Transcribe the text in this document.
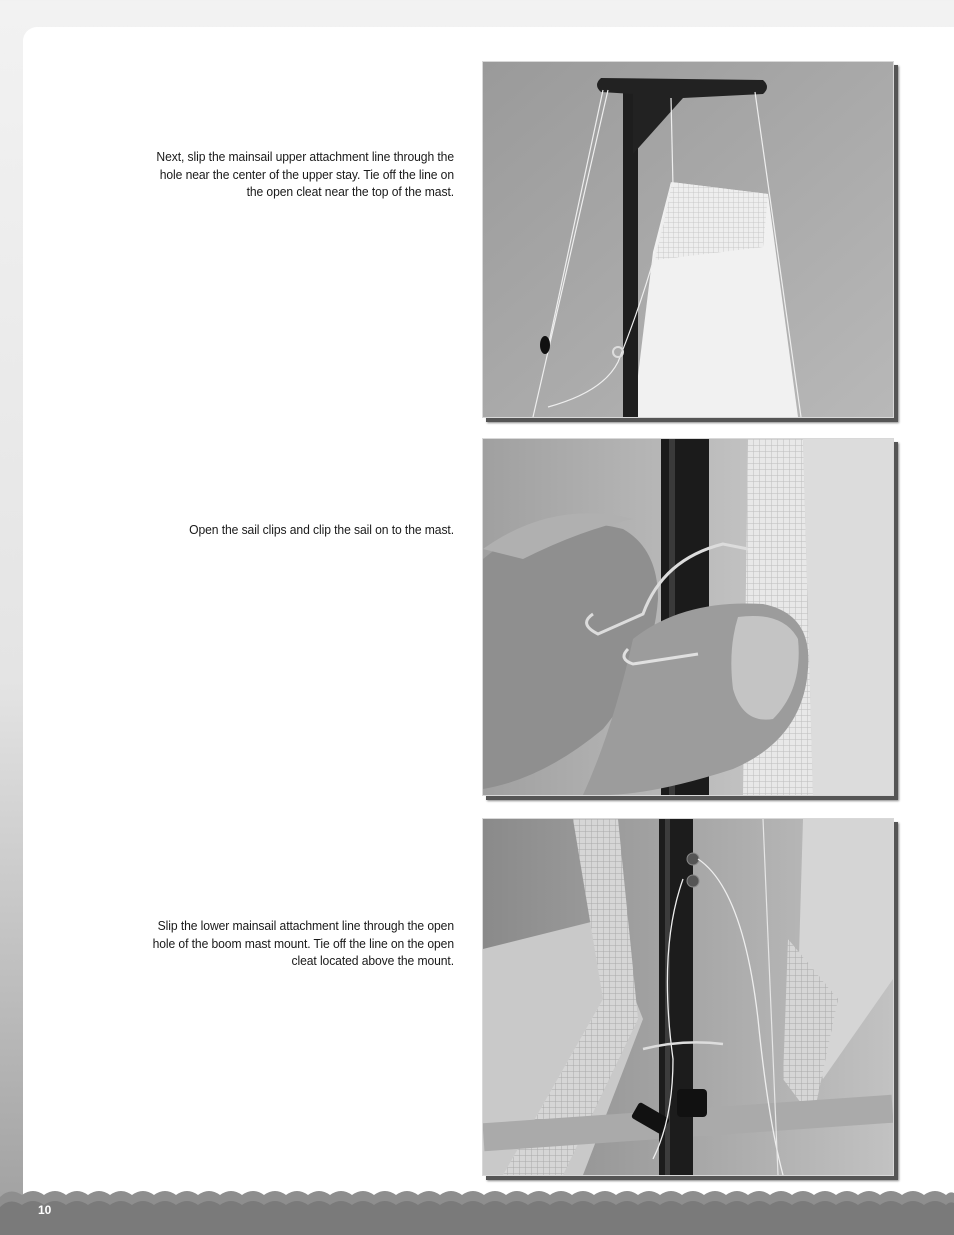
Next, slip the mainsail upper attachment line through the hole near the center of the upper stay. Tie off the line on the open cleat near the top of the mast.
Open the sail clips and clip the sail on to the mast.
Slip the lower mainsail attachment line through the open hole of the boom mast mount. Tie off the line on the open cleat located above the mount.
10
